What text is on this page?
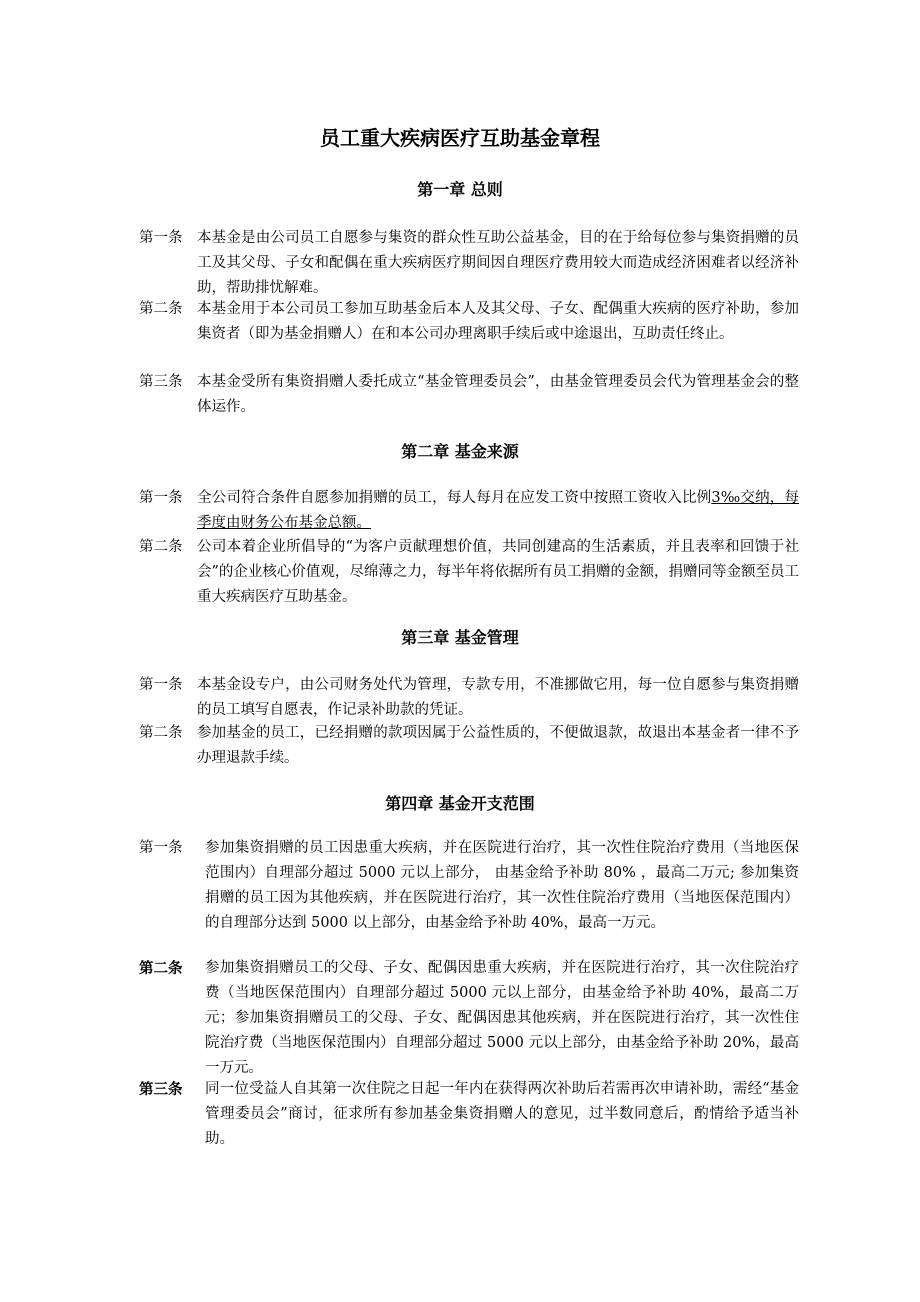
员工重大疾病医疗互助基金章程
第一章 总则
第一条 本基金是由公司员工自愿参与集资的群众性互助公益基金，目的在于给每位参与集资捐赠的员工及其父母、子女和配偶在重大疾病医疗期间因自理医疗费用较大而造成经济困难者以经济补助，帮助排忧解难。
第二条 本基金用于本公司员工参加互助基金后本人及其父母、子女、配偶重大疾病的医疗补助，参加集资者（即为基金捐赠人）在和本公司办理离职手续后或中途退出，互助责任终止。
第三条 本基金受所有集资捐赠人委托成立“基金管理委员会”，由基金管理委员会代为管理基金会的整体运作。
第二章 基金来源
第一条 全公司符合条件自愿参加捐赠的员工，每人每月在应发工资中按照工资收入比例3‰交纳，每季度由财务公布基金总额。
第二条 公司本着企业所倡导的“为客户贡献理想价值，共同创建高的生活素质，并且表率和回馈于社会”的企业核心价值观，尽绵薄之力，每半年将依据所有员工捐赠的金额，捐赠同等金额至员工重大疾病医疗互助基金。
第三章 基金管理
第一条 本基金设专户，由公司财务处代为管理，专款专用，不准挪做它用，每一位自愿参与集资捐赠的员工填写自愿表，作记录补助款的凭证。
第二条 参加基金的员工，已经捐赠的款项因属于公益性质的，不便做退款，故退出本基金者一律不予办理退款手续。
第四章 基金开支范围
第一条 参加集资捐赠的员工因患重大疾病，并在医院进行治疗，其一次性住院治疗费用（当地医保范围内）自理部分超过 5000 元以上部分， 由基金给予补助 80% ，最高二万元; 参加集资捐赠的员工因为其他疾病，并在医院进行治疗，其一次性住院治疗费用（当地医保范围内）的自理部分达到 5000 以上部分，由基金给予补助 40%，最高一万元。
第二条 参加集资捐赠员工的父母、子女、配偶因患重大疾病，并在医院进行治疗，其一次住院治疗费（当地医保范围内）自理部分超过 5000 元以上部分，由基金给予补助 40%，最高二万元；参加集资捐赠员工的父母、子女、配偶因患其他疾病，并在医院进行治疗，其一次性住院治疗费（当地医保范围内）自理部分超过 5000 元以上部分，由基金给予补助 20%，最高一万元。
第三条 同一位受益人自其第一次住院之日起一年内在获得两次补助后若需再次申请补助，需经“基金管理委员会”商讨，征求所有参加基金集资捐赠人的意见，过半数同意后，酌情给予适当补助。
